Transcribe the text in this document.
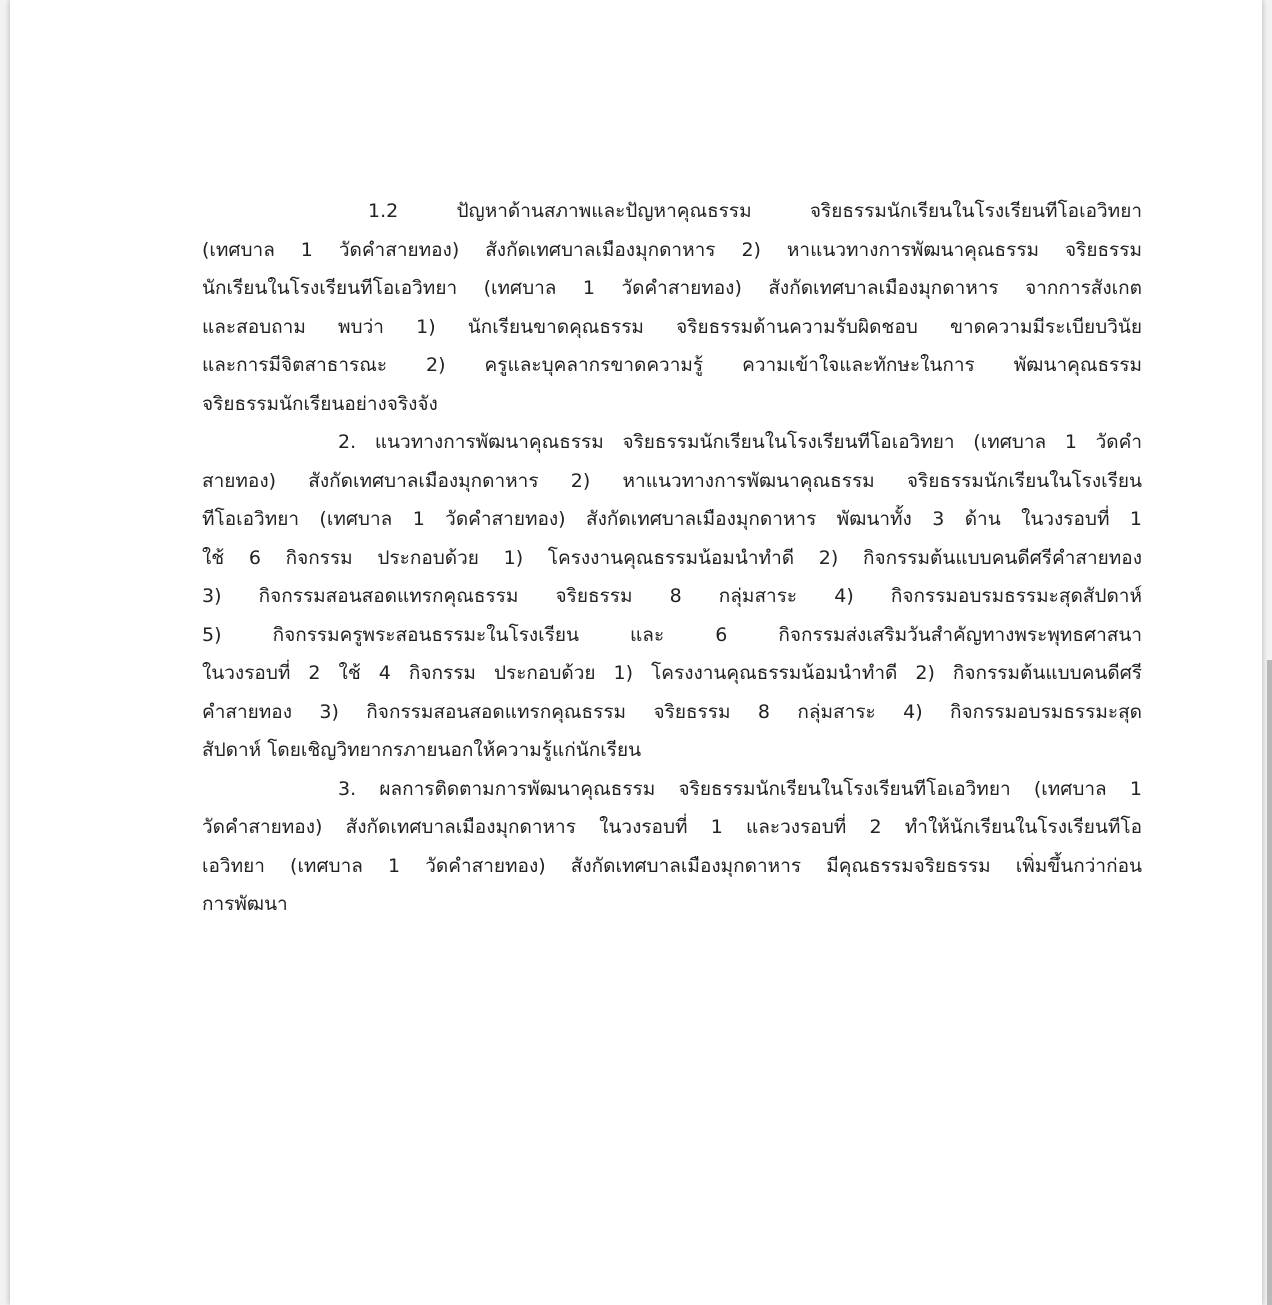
1.2 ปัญหาด้านสภาพและปัญหาคุณธรรม จริยธรรมนักเรียนในโรงเรียนทีโอเอวิทยา
(เทศบาล 1 วัดคำสายทอง) สังกัดเทศบาลเมืองมุกดาหาร 2) หาแนวทางการพัฒนาคุณธรรม จริยธรรม
นักเรียนในโรงเรียนทีโอเอวิทยา (เทศบาล 1 วัดคำสายทอง) สังกัดเทศบาลเมืองมุกดาหาร จากการสังเกต
และสอบถาม พบว่า 1) นักเรียนขาดคุณธรรม จริยธรรมด้านความรับผิดชอบ ขาดความมีระเบียบวินัย
และการมีจิตสาธารณะ 2) ครูและบุคลากรขาดความรู้ ความเข้าใจและทักษะในการ พัฒนาคุณธรรม
จริยธรรมนักเรียนอย่างจริงจัง

2. แนวทางการพัฒนาคุณธรรม จริยธรรมนักเรียนในโรงเรียนทีโอเอวิทยา (เทศบาล 1 วัดคำ
สายทอง) สังกัดเทศบาลเมืองมุกดาหาร 2) หาแนวทางการพัฒนาคุณธรรม จริยธรรมนักเรียนในโรงเรียน
ทีโอเอวิทยา (เทศบาล 1 วัดคำสายทอง) สังกัดเทศบาลเมืองมุกดาหาร พัฒนาทั้ง 3 ด้าน ในวงรอบที่ 1
ใช้ 6 กิจกรรม ประกอบด้วย 1) โครงงานคุณธรรมน้อมนำทำดี 2) กิจกรรมต้นแบบคนดีศรีคำสายทอง
3) กิจกรรมสอนสอดแทรกคุณธรรม จริยธรรม 8 กลุ่มสาระ 4) กิจกรรมอบรมธรรมะสุดสัปดาห์
5) กิจกรรมครูพระสอนธรรมะในโรงเรียน และ 6 กิจกรรมส่งเสริมวันสำคัญทางพระพุทธศาสนา
ในวงรอบที่ 2 ใช้ 4 กิจกรรม ประกอบด้วย 1) โครงงานคุณธรรมน้อมนำทำดี 2) กิจกรรมต้นแบบคนดีศรี
คำสายทอง 3) กิจกรรมสอนสอดแทรกคุณธรรม จริยธรรม 8 กลุ่มสาระ 4) กิจกรรมอบรมธรรมะสุด
สัปดาห์ โดยเชิญวิทยากรภายนอกให้ความรู้แก่นักเรียน

3. ผลการติดตามการพัฒนาคุณธรรม จริยธรรมนักเรียนในโรงเรียนทีโอเอวิทยา (เทศบาล 1
วัดคำสายทอง) สังกัดเทศบาลเมืองมุกดาหาร ในวงรอบที่ 1 และวงรอบที่ 2 ทำให้นักเรียนในโรงเรียนทีโอ
เอวิทยา (เทศบาล 1 วัดคำสายทอง) สังกัดเทศบาลเมืองมุกดาหาร มีคุณธรรมจริยธรรม เพิ่มขึ้นกว่าก่อน
การพัฒนา
